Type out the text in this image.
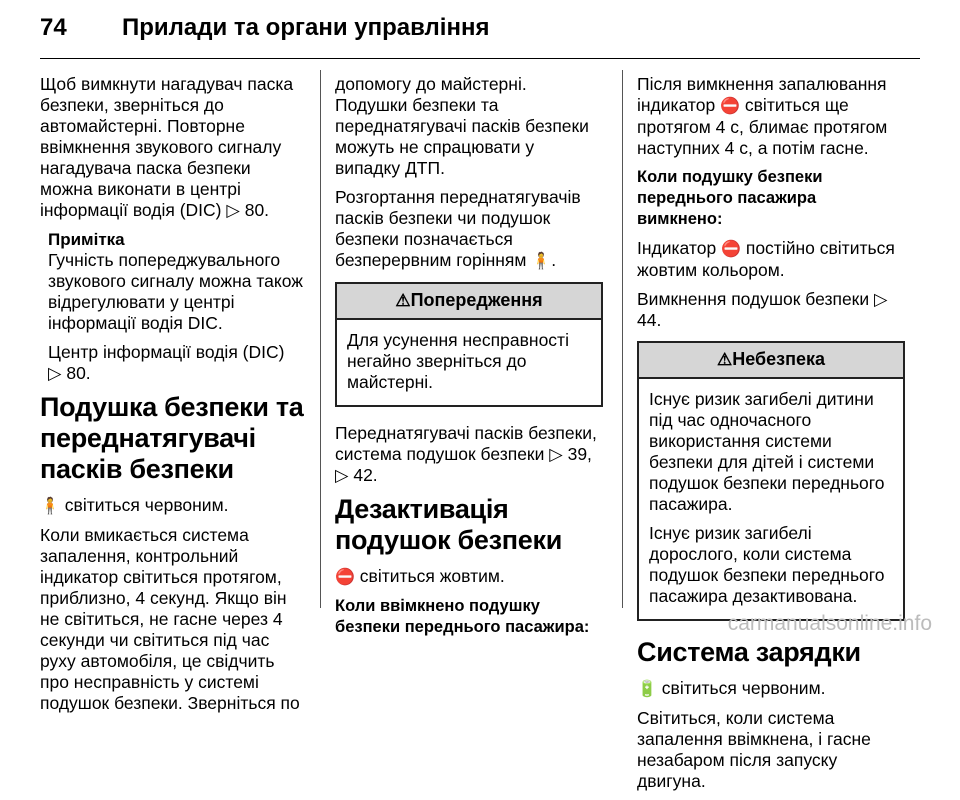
74 Прилади та органи управління

Щоб вимкнути нагадувач паска безпеки, зверніться до автомайстерні. Повторне ввімкнення звукового сигналу нагадувача паска безпеки можна виконати в центрі інформації водія (DIC) ▷ 80.

Примітка

Гучність попереджувального звукового сигналу можна також відрегулювати у центрі інформації водія DIC.

Центр інформації водія (DIC)
▷ 80.

Подушка безпеки та переднатягувачі пасків безпеки

🧍 світиться червоним.

Коли вмикається система запалення, контрольний індикатор світиться протягом, приблизно, 4 секунд. Якщо він не світиться, не гасне через 4 секунди чи світиться під час руху автомобіля, це свідчить про несправність у системі подушок безпеки. Зверніться по

допомогу до майстерні. Подушки безпеки та переднатягувачі пасків безпеки можуть не спрацювати у випадку ДТП.

Розгортання переднатягувачів пасків безпеки чи подушок безпеки позначається безперервним горінням 🧍.

⚠Попередження

Для усунення несправності негайно зверніться до майстерні.

Переднатягувачі пасків безпеки, система подушок безпеки ▷ 39,
▷ 42.

Дезактивація подушок безпеки

⛔ світиться жовтим.

Коли ввімкнено подушку безпеки переднього пасажира:

Після вимкнення запалювання індикатор ⛔ світиться ще протягом 4 с, блимає протягом наступних 4 с, а потім гасне.

Коли подушку безпеки переднього пасажира вимкнено:

Індикатор ⛔ постійно світиться жовтим кольором.

Вимкнення подушок безпеки ▷ 44.

⚠Небезпека

Існує ризик загибелі дитини під час одночасного використання системи безпеки для дітей і системи подушок безпеки переднього пасажира.

Існує ризик загибелі дорослого, коли система подушок безпеки переднього пасажира дезактивована.

Система зарядки

🔋 світиться червоним.

Світиться, коли система запалення ввімкнена, і гасне незабаром після запуску двигуна.

carmanualsonline.info
